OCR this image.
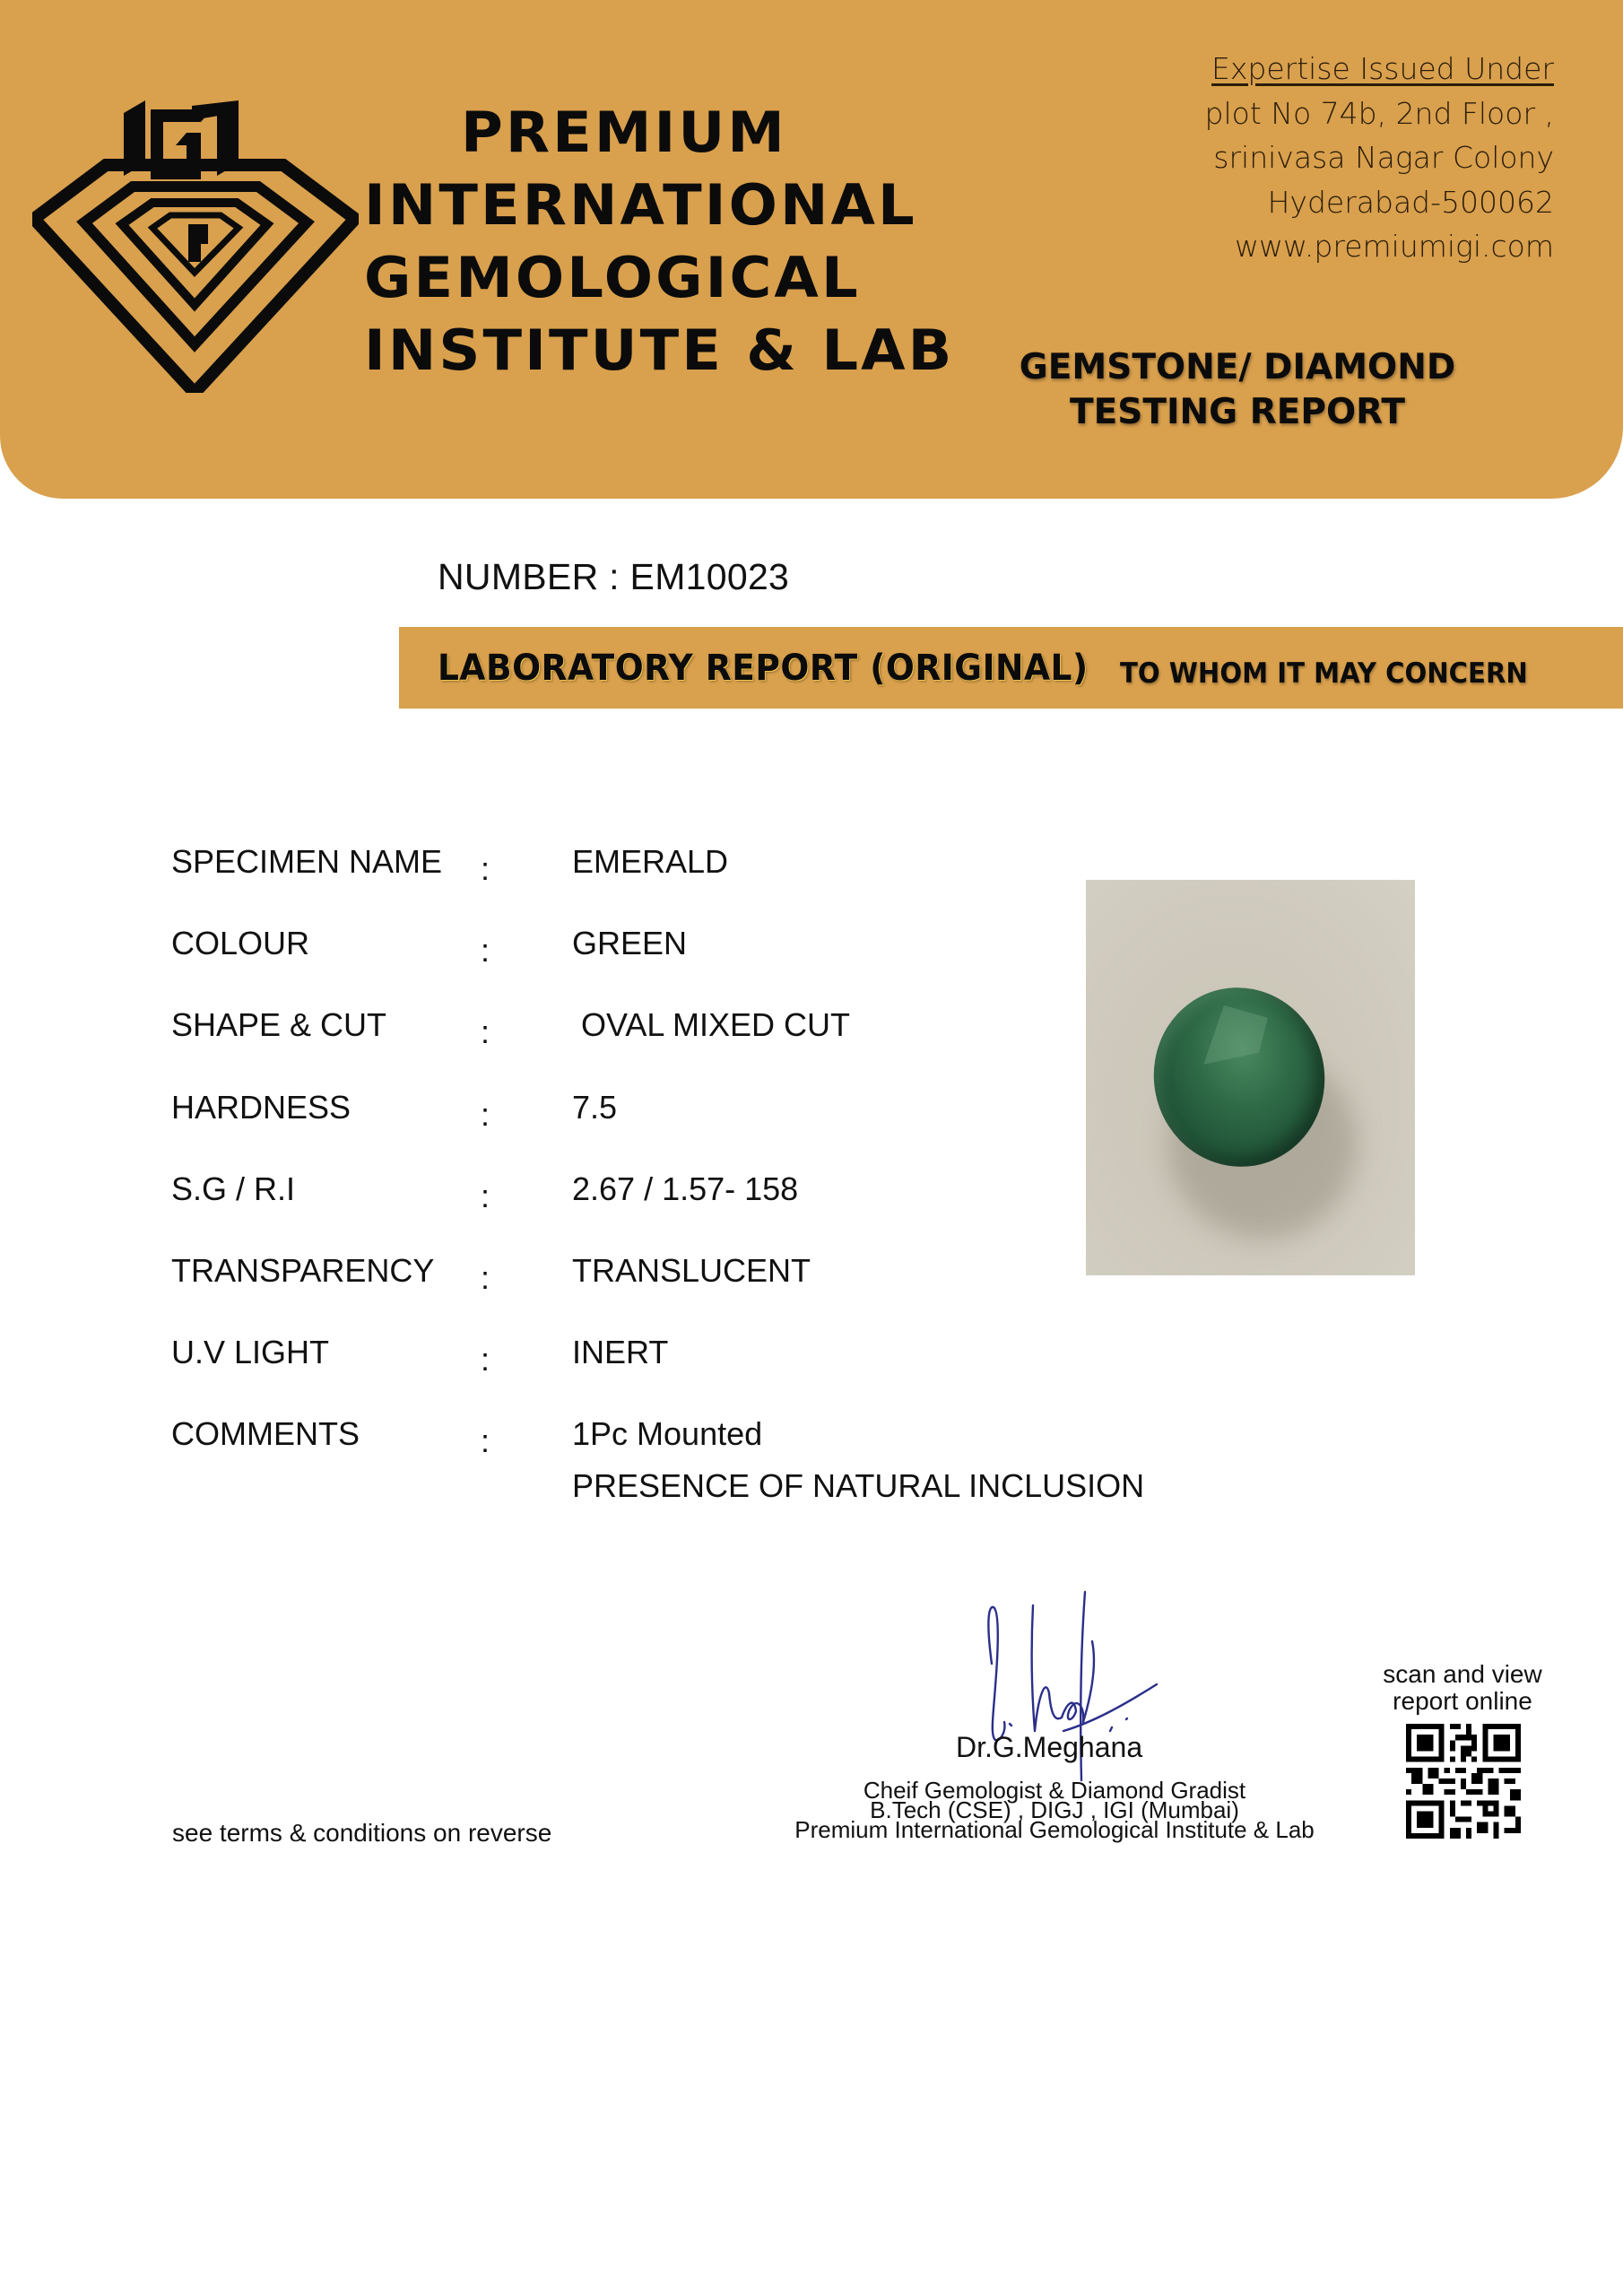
PREMIUM
INTERNATIONAL
GEMOLOGICAL
INSTITUTE & LAB
Expertise Issued Under
plot No 74b, 2nd Floor ,
srinivasa Nagar Colony
Hyderabad-500062
www.premiumigi.com
GEMSTONE/ DIAMOND
TESTING REPORT
NUMBER : EM10023
LABORATORY REPORT (ORIGINAL) TO WHOM IT MAY CONCERN
SPECIMEN NAME :	EMERALD
COLOUR	:	GREEN
SHAPE & CUT	:	OVAL MIXED CUT
HARDNESS	:	7.5
S.G / R.I	:	2.67 / 1.57- 158
TRANSPARENCY :	TRANSLUCENT
U.V LIGHT	:	INERT
COMMENTS	:	1Pc Mounted
PRESENCE OF NATURAL INCLUSION
Dr.G.Meghana
Cheif Gemologist & Diamond Gradist
B.Tech (CSE) , DIGJ , IGI (Mumbai)
Premium International Gemological Institute & Lab
scan and view
report online
see terms & conditions on reverse
